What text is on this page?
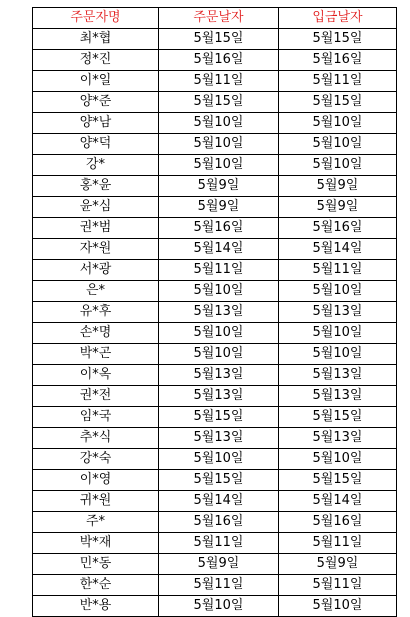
주문자명	주문날자	입금날자
최*협	5월15일	5월15일
정*진	5월16일	5월16일
이*일	5월11일	5월11일
양*준	5월15일	5월15일
양*남	5월10일	5월10일
양*덕	5월10일	5월10일
강*	5월10일	5월10일
홍*윤	5월9일	5월9일
윤*심	5월9일	5월9일
권*범	5월16일	5월16일
자*원	5월14일	5월14일
서*광	5월11일	5월11일
은*	5월10일	5월10일
유*후	5월13일	5월13일
손*명	5월10일	5월10일
박*곤	5월10일	5월10일
이*옥	5월13일	5월13일
권*전	5월13일	5월13일
임*국	5월15일	5월15일
추*식	5월13일	5월13일
강*숙	5월10일	5월10일
이*영	5월15일	5월15일
귀*원	5월14일	5월14일
주*	5월16일	5월16일
박*재	5월11일	5월11일
민*동	5월9일	5월9일
한*순	5월11일	5월11일
반*용	5월10일	5월10일
